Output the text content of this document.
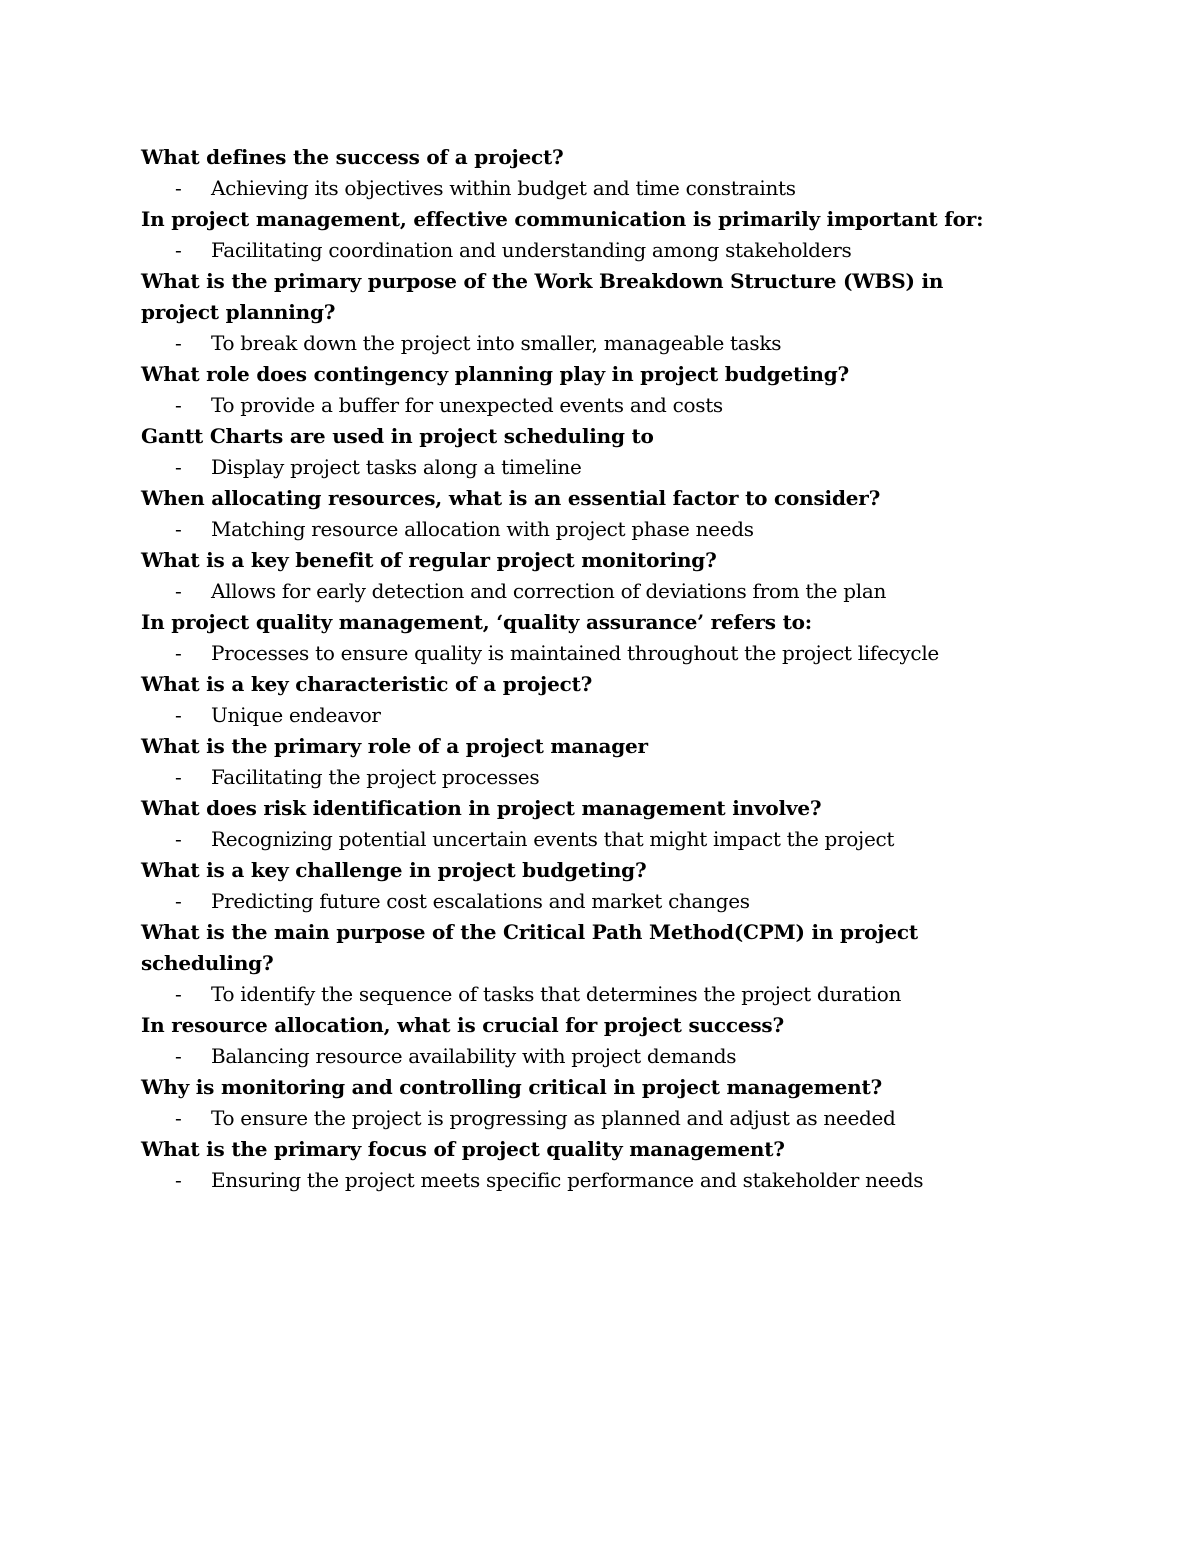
What defines the success of a project?

-	Achieving its objectives within budget and time constraints

In project management, effective communication is primarily important for:

-	Facilitating coordination and understanding among stakeholders

What is the primary purpose of the Work Breakdown Structure (WBS) in project planning?

-	To break down the project into smaller, manageable tasks

What role does contingency planning play in project budgeting?

-	To provide a buffer for unexpected events and costs

Gantt Charts are used in project scheduling to

-	Display project tasks along a timeline

When allocating resources, what is an essential factor to consider?

-	Matching resource allocation with project phase needs

What is a key benefit of regular project monitoring?

-	Allows for early detection and correction of deviations from the plan

In project quality management, ‘quality assurance’ refers to:

-	Processes to ensure quality is maintained throughout the project lifecycle

What is a key characteristic of a project?

-	Unique endeavor

What is the primary role of a project manager

-	Facilitating the project processes

What does risk identification in project management involve?

-	Recognizing potential uncertain events that might impact the project

What is a key challenge in project budgeting?

-	Predicting future cost escalations and market changes

What is the main purpose of the Critical Path Method(CPM) in project scheduling?

-	To identify the sequence of tasks that determines the project duration

In resource allocation, what is crucial for project success?

-	Balancing resource availability with project demands

Why is monitoring and controlling critical in project management?

-	To ensure the project is progressing as planned and adjust as needed

What is the primary focus of project quality management?

-	Ensuring the project meets specific performance and stakeholder needs
